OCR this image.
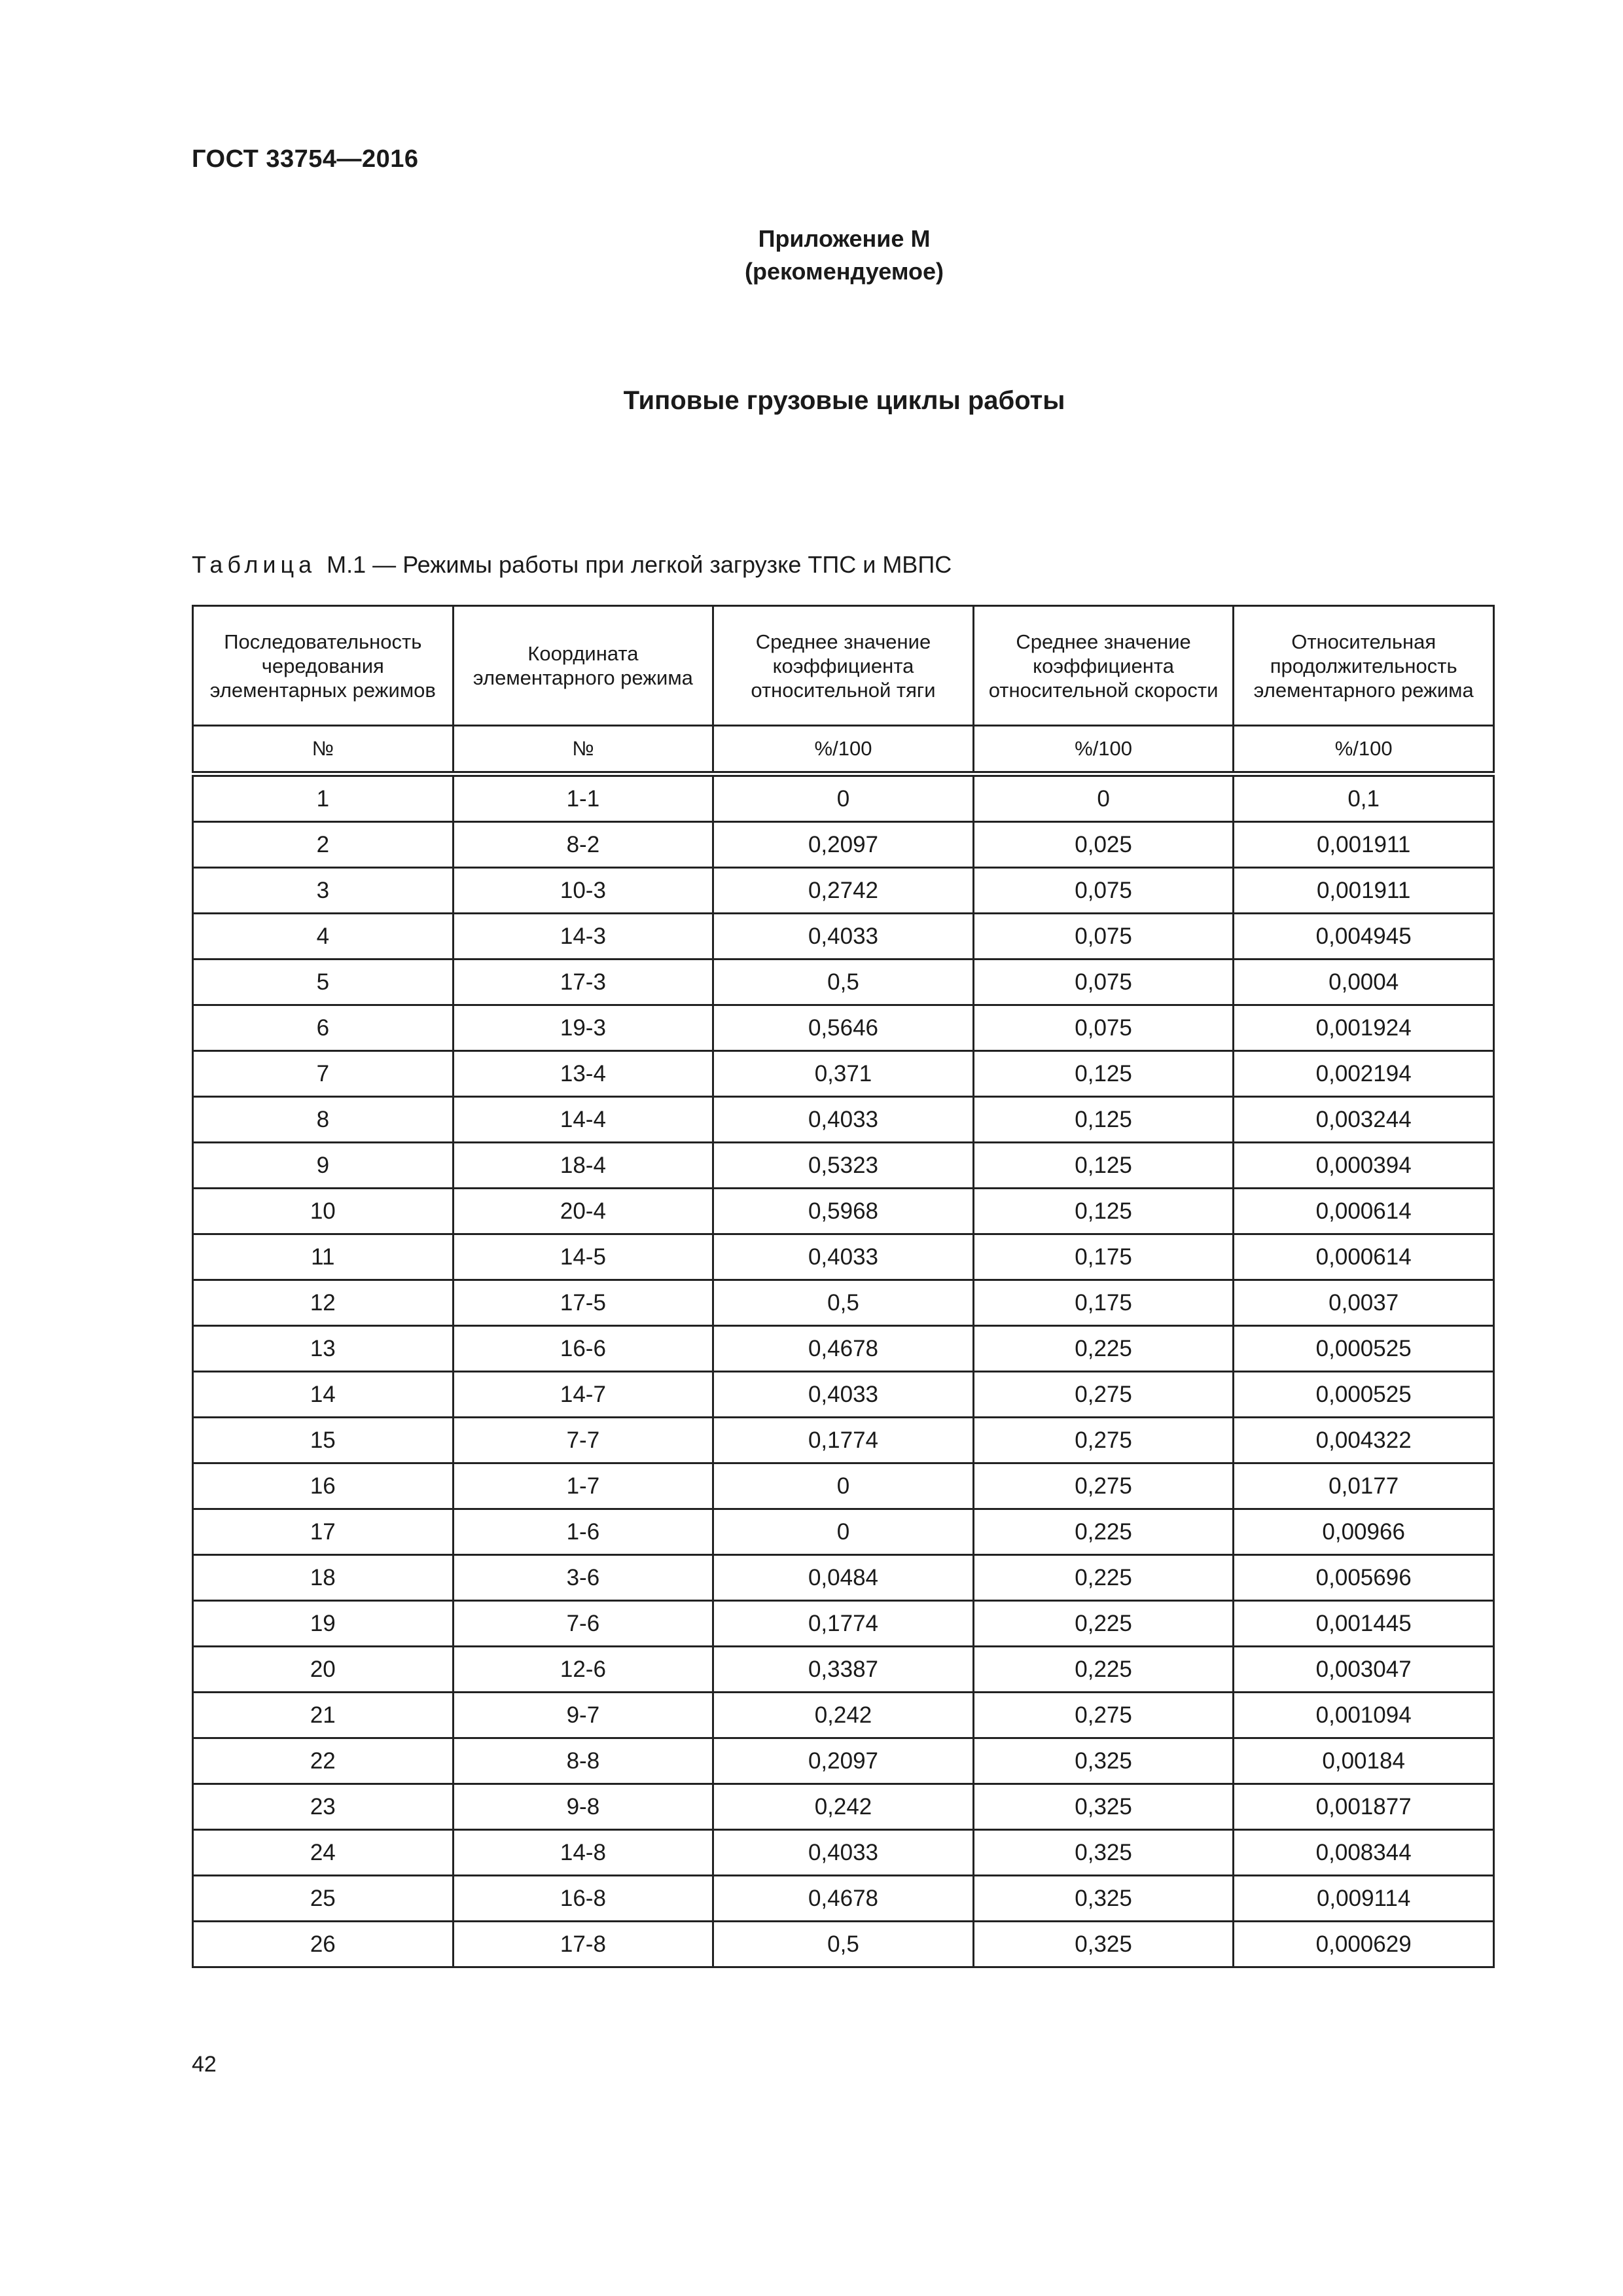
ГОСТ 33754—2016
Приложение М
(рекомендуемое)
Типовые грузовые циклы работы
Таблица М.1 — Режимы работы при легкой загрузке ТПС и МВПС
Последовательность чередования элементарных режимов	Координата элементарного режима	Среднее значение коэффициента относительной тяги	Среднее значение коэффициента относительной скорости	Относительная продолжительность элементарного режима
№	№	%/100	%/100	%/100
1	1-1	0	0	0,1
2	8-2	0,2097	0,025	0,001911
3	10-3	0,2742	0,075	0,001911
4	14-3	0,4033	0,075	0,004945
5	17-3	0,5	0,075	0,0004
6	19-3	0,5646	0,075	0,001924
7	13-4	0,371	0,125	0,002194
8	14-4	0,4033	0,125	0,003244
9	18-4	0,5323	0,125	0,000394
10	20-4	0,5968	0,125	0,000614
11	14-5	0,4033	0,175	0,000614
12	17-5	0,5	0,175	0,0037
13	16-6	0,4678	0,225	0,000525
14	14-7	0,4033	0,275	0,000525
15	7-7	0,1774	0,275	0,004322
16	1-7	0	0,275	0,0177
17	1-6	0	0,225	0,00966
18	3-6	0,0484	0,225	0,005696
19	7-6	0,1774	0,225	0,001445
20	12-6	0,3387	0,225	0,003047
21	9-7	0,242	0,275	0,001094
22	8-8	0,2097	0,325	0,00184
23	9-8	0,242	0,325	0,001877
24	14-8	0,4033	0,325	0,008344
25	16-8	0,4678	0,325	0,009114
26	17-8	0,5	0,325	0,000629
42
